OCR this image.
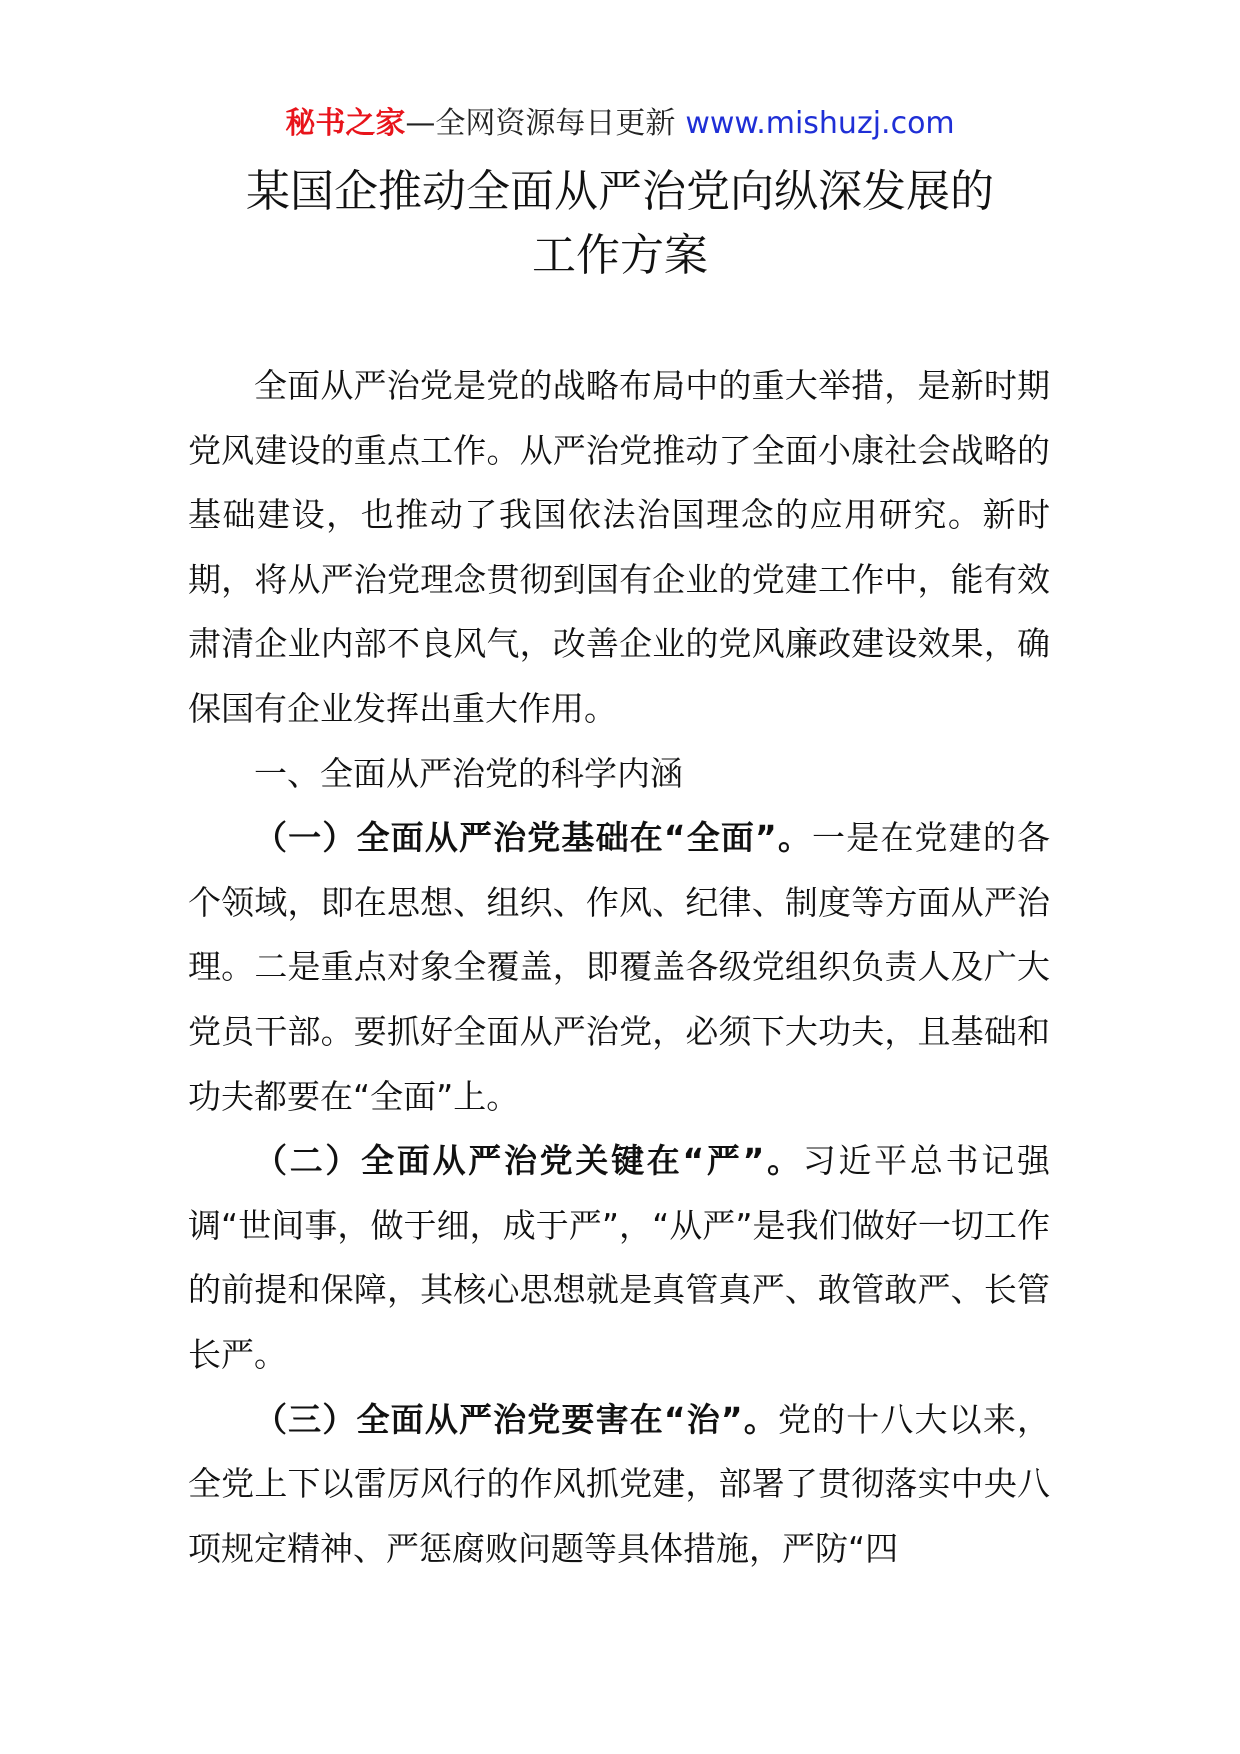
秘书之家—全网资源每日更新 www.mishuzj.com
某国企推动全面从严治党向纵深发展的
工作方案

全面从严治党是党的战略布局中的重大举措，是新时期党风建设的重点工作。从严治党推动了全面小康社会战略的基础建设，也推动了我国依法治国理念的应用研究。新时期，将从严治党理念贯彻到国有企业的党建工作中，能有效肃清企业内部不良风气，改善企业的党风廉政建设效果，确保国有企业发挥出重大作用。

一、全面从严治党的科学内涵

（一）全面从严治党基础在“全面”。一是在党建的各个领域，即在思想、组织、作风、纪律、制度等方面从严治理。二是重点对象全覆盖，即覆盖各级党组织负责人及广大党员干部。要抓好全面从严治党，必须下大功夫，且基础和功夫都要在“全面”上。

（二）全面从严治党关键在“严”。习近平总书记强调“世间事，做于细，成于严”，“从严”是我们做好一切工作的前提和保障，其核心思想就是真管真严、敢管敢严、长管长严。

（三）全面从严治党要害在“治”。党的十八大以来，全党上下以雷厉风行的作风抓党建，部署了贯彻落实中央八项规定精神、严惩腐败问题等具体措施，严防“四
